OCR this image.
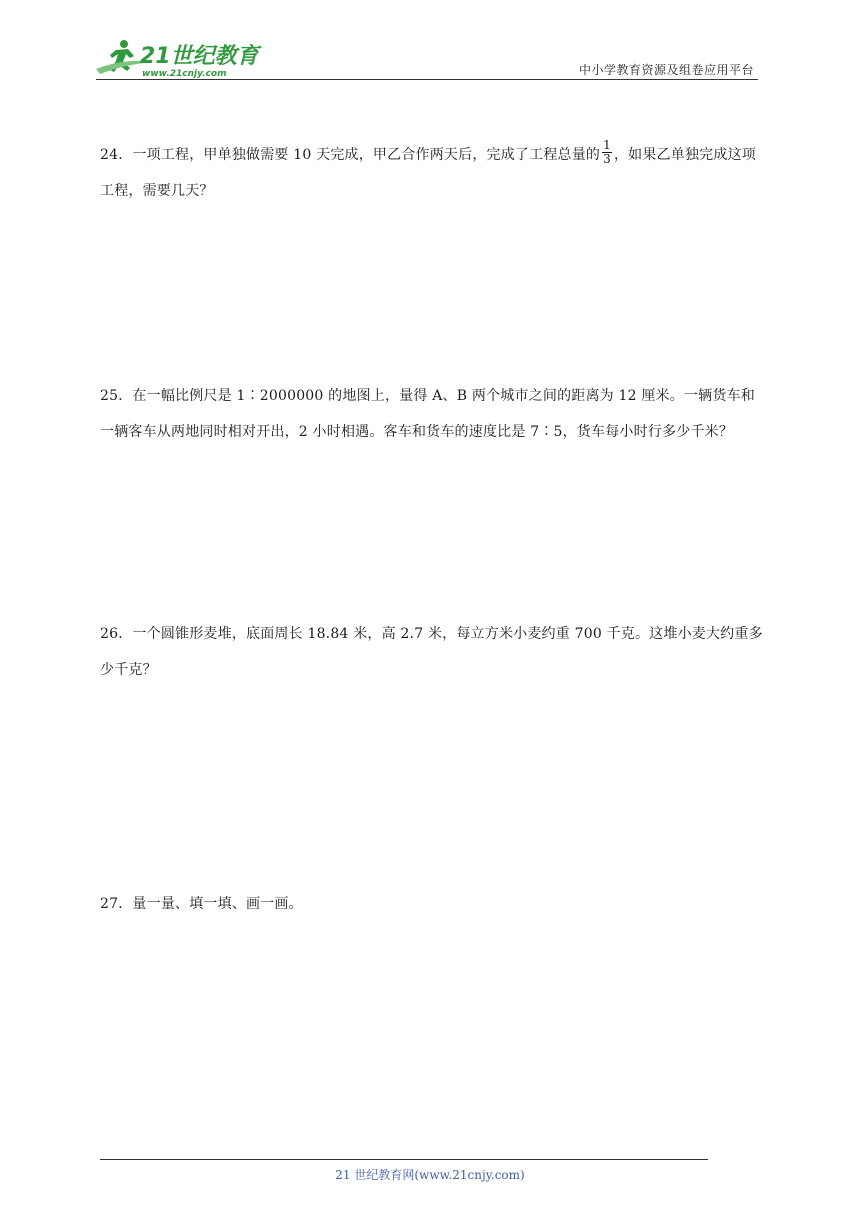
21世纪教育
www.21cnjy.com	中小学教育资源及组卷应用平台
24．一项工程，甲单独做需要 10 天完成，甲乙合作两天后，完成了工程总量的 $\frac{1}{3}$ ，如果乙单独完成这项工程，需要几天？
25．在一幅比例尺是 1∶2000000 的地图上，量得 A、B 两个城市之间的距离为 12 厘米。一辆货车和一辆客车从两地同时相对开出，2 小时相遇。客车和货车的速度比是 7∶5，货车每小时行多少千米？
26．一个圆锥形麦堆，底面周长 18.84 米，高 2.7 米，每立方米小麦约重 700 千克。这堆小麦大约重多少千克？
27．量一量、填一填、画一画。
21 世纪教育网(www.21cnjy.com)
